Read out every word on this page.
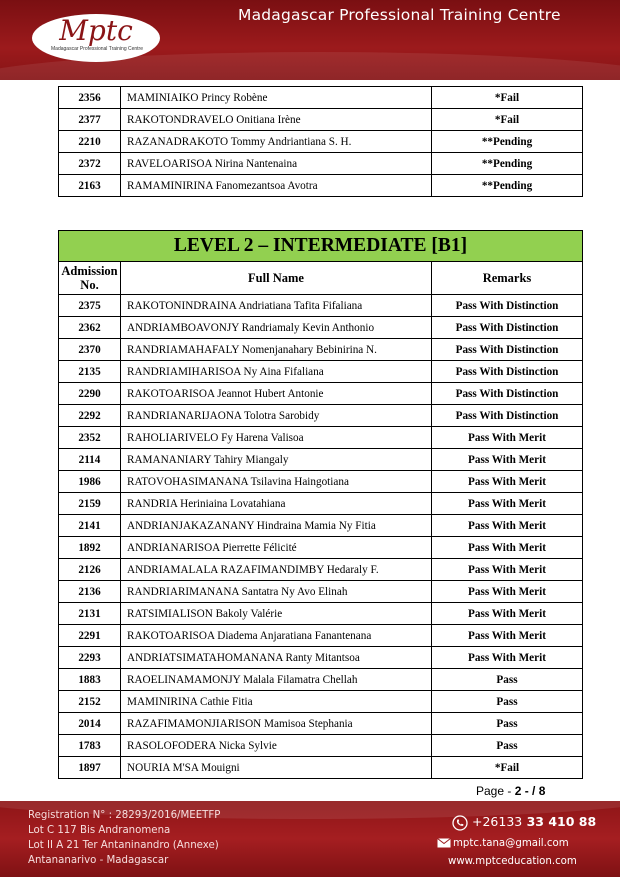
Mptc
Madagascar Professional Training Centre
Madagascar Professional Training Centre
2356	MAMINIAIKO Princy Robène	*Fail
2377	RAKOTONDRAVELO Onitiana Irène	*Fail
2210	RAZANADRAKOTO Tommy Andriantiana S. H.	**Pending
2372	RAVELOARISOA Nirina Nantenaina	**Pending
2163	RAMAMINIRINA Fanomezantsoa Avotra	**Pending
LEVEL 2 – INTERMEDIATE [B1]		
Admission
No.	Full Name	Remarks
2375	RAKOTONINDRAINA Andriatiana Tafita Fifaliana	Pass With Distinction
2362	ANDRIAMBOAVONJY Randriamaly Kevin Anthonio	Pass With Distinction
2370	RANDRIAMAHAFALY Nomenjanahary Bebinirina N.	Pass With Distinction
2135	RANDRIAMIHARISOA Ny Aina Fifaliana	Pass With Distinction
2290	RAKOTOARISOA Jeannot Hubert Antonie	Pass With Distinction
2292	RANDRIANARIJAONA Tolotra Sarobidy	Pass With Distinction
2352	RAHOLIARIVELO Fy Harena Valisoa	Pass With Merit
2114	RAMANANIARY Tahiry Miangaly	Pass With Merit
1986	RATOVOHASIMANANA Tsilavina Haingotiana	Pass With Merit
2159	RANDRIA Heriniaina Lovatahiana	Pass With Merit
2141	ANDRIANJAKAZANANY Hindraina Mamia Ny Fitia	Pass With Merit
1892	ANDRIANARISOA Pierrette Félicité	Pass With Merit
2126	ANDRIAMALALA RAZAFIMANDIMBY Hedaraly F.	Pass With Merit
2136	RANDRIARIMANANA Santatra Ny Avo Elinah	Pass With Merit
2131	RATSIMIALISON Bakoly Valérie	Pass With Merit
2291	RAKOTOARISOA Diadema Anjaratiana Fanantenana	Pass With Merit
2293	ANDRIATSIMATAHOMANANA Ranty Mitantsoa	Pass With Merit
1883	RAOELINAMAMONJY Malala Filamatra Chellah	Pass
2152	MAMINIRINA Cathie Fitia	Pass
2014	RAZAFIMAMONJIARISON Mamisoa Stephania	Pass
1783	RASOLOFODERA Nicka Sylvie	Pass
1897	NOURIA M'SA Mouigni	*Fail
Page - 2 - / 8
Registration N° : 28293/2016/MEETFP
Lot C 117 Bis Andranomena
Lot II A 21 Ter Antaninandro (Annexe)
Antananarivo - Madagascar
+26133 33 410 88
mptc.tana@gmail.com
www.mptceducation.com
